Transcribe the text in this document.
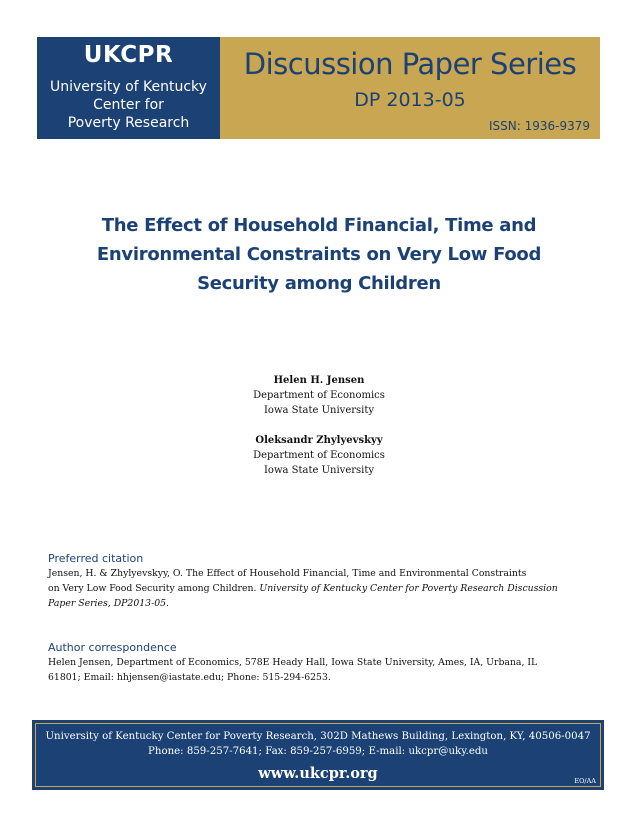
UKCPR
University of Kentucky
Center for
Poverty Research
Discussion Paper Series
DP 2013-05
ISSN: 1936-9379
The Effect of Household Financial, Time and
Environmental Constraints on Very Low Food
Security among Children
Helen H. Jensen
Department of Economics
Iowa State University
Oleksandr Zhylyevskyy
Department of Economics
Iowa State University
Preferred citation
Jensen, H. & Zhylyevskyy, O. The Effect of Household Financial, Time and Environmental Constraints
on Very Low Food Security among Children. University of Kentucky Center for Poverty Research Discussion
Paper Series, DP2013-05.
Author correspondence
Helen Jensen, Department of Economics, 578E Heady Hall, Iowa State University, Ames, IA, Urbana, IL
61801; Email: hhjensen@iastate.edu; Phone: 515-294-6253.
University of Kentucky Center for Poverty Research, 302D Mathews Building, Lexington, KY, 40506-0047
Phone: 859-257-7641; Fax: 859-257-6959; E-mail: ukcpr@uky.edu
www.ukcpr.org	EO/AA
